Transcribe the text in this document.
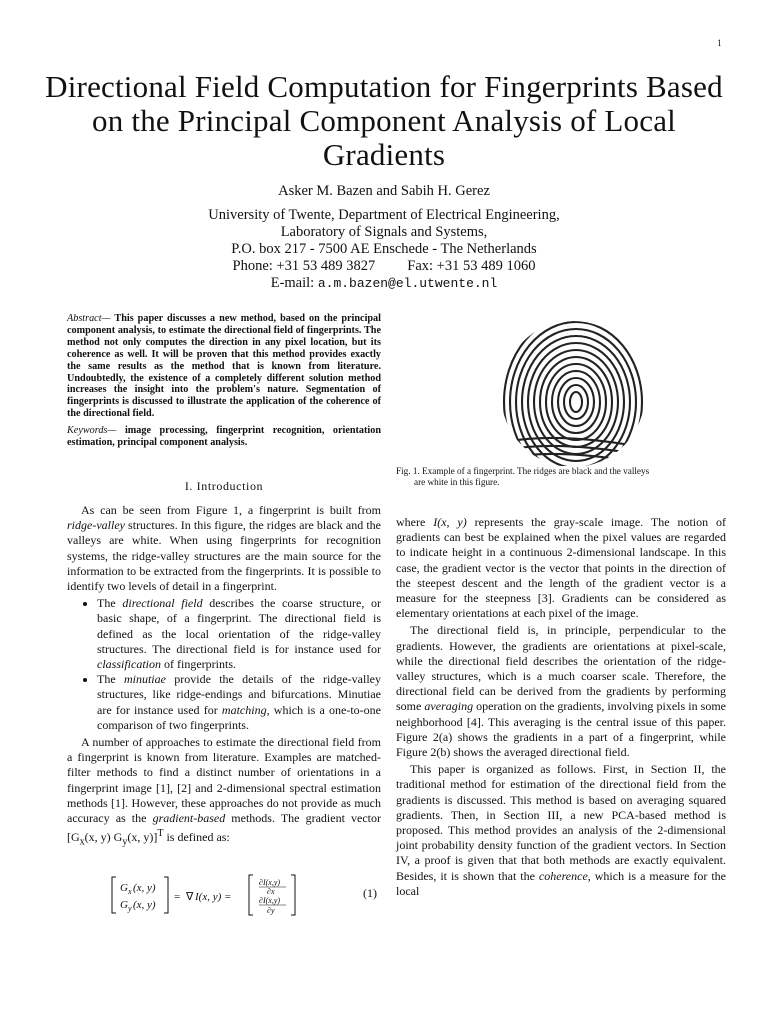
1
Directional Field Computation for Fingerprints Based on the Principal Component Analysis of Local Gradients
Asker M. Bazen and Sabih H. Gerez
University of Twente, Department of Electrical Engineering,
Laboratory of Signals and Systems,
P.O. box 217 - 7500 AE Enschede - The Netherlands
Phone: +31 53 489 3827 Fax: +31 53 489 1060
E-mail: a.m.bazen@el.utwente.nl

Abstract— This paper discusses a new method, based on the principal component analysis, to estimate the directional field of fingerprints. The method not only computes the direction in any pixel location, but its coherence as well. It will be proven that this method provides exactly the same results as the method that is known from literature. Undoubtedly, the existence of a completely different solution method increases the insight into the problem's nature. Segmentation of fingerprints is discussed to illustrate the application of the coherence of the directional field.

Keywords— image processing, fingerprint recognition, orientation estimation, principal component analysis.

Fig. 1. Example of a fingerprint. The ridges are black and the valleys
are white in this figure.
I. Introduction

As can be seen from Figure 1, a fingerprint is built from ridge-valley structures. In this figure, the ridges are black and the valleys are white. When using fingerprints for recognition systems, the ridge-valley structures are the main source for the information to be extracted from the fingerprints. It is possible to identify two levels of detail in a fingerprint.

• The directional field describes the coarse structure, or basic shape, of a fingerprint. The directional field is defined as the local orientation of the ridge-valley structures. The directional field is for instance used for classification of fingerprints.
• The minutiae provide the details of the ridge-valley structures, like ridge-endings and bifurcations. Minutiae are for instance used for matching, which is a one-to-one comparison of two fingerprints.

A number of approaches to estimate the directional field from a fingerprint is known from literature. Examples are matched-filter methods to find a distinct number of orientations in a fingerprint image [1], [2] and 2-dimensional spectral estimation methods [1]. However, these approaches do not provide as much accuracy as the gradient-based methods. The gradient vector [$G_x(x$, y) $G_y(x$, y)]$^T$ is defined as:

G x (x, y)
G y (x, y)
= ∇ I(x, y) =
∂I(x,y)
∂x
∂I(x,y)
∂y
(1)

where I(x, y) represents the gray-scale image. The notion of gradients can best be explained when the pixel values are regarded to indicate height in a continuous 2-dimensional landscape. In this case, the gradient vector is the vector that points in the direction of the steepest descent and the length of the gradient vector is a measure for the steepness [3]. Gradients can be considered as elementary orientations at each pixel of the image.

The directional field is, in principle, perpendicular to the gradients. However, the gradients are orientations at pixel-scale, while the directional field describes the orientation of the ridge-valley structures, which is a much coarser scale. Therefore, the directional field can be derived from the gradients by performing some averaging operation on the gradients, involving pixels in some neighborhood [4]. This averaging is the central issue of this paper. Figure 2(a) shows the gradients in a part of a fingerprint, while Figure 2(b) shows the averaged directional field.

This paper is organized as follows. First, in Section II, the traditional method for estimation of the directional field from the gradients is discussed. This method is based on averaging squared gradients. Then, in Section III, a new PCA-based method is proposed. This method provides an analysis of the 2-dimensional joint probability density function of the gradient vectors. In Section IV, a proof is given that that both methods are exactly equivalent. Besides, it is shown that the coherence, which is a measure for the local
